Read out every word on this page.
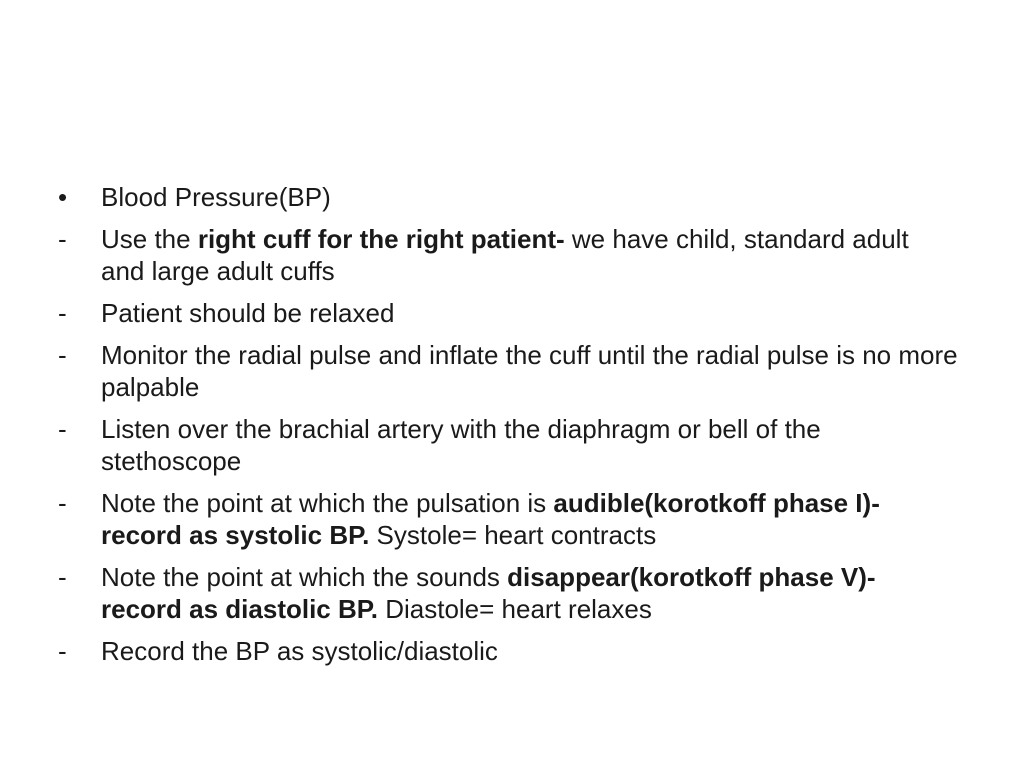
•	Blood Pressure(BP)
-	Use the right cuff for the right patient- we have child, standard adult and large adult cuffs
-	Patient should be relaxed
-	Monitor the radial pulse and inflate the cuff until the radial pulse is no more palpable
-	Listen over the brachial artery with the diaphragm or bell of the stethoscope
-	Note the point at which the pulsation is audible(korotkoff phase I)- record as systolic BP. Systole= heart contracts
-	Note the point at which the sounds disappear(korotkoff phase V)- record as diastolic BP. Diastole= heart relaxes
-	Record the BP as systolic/diastolic
